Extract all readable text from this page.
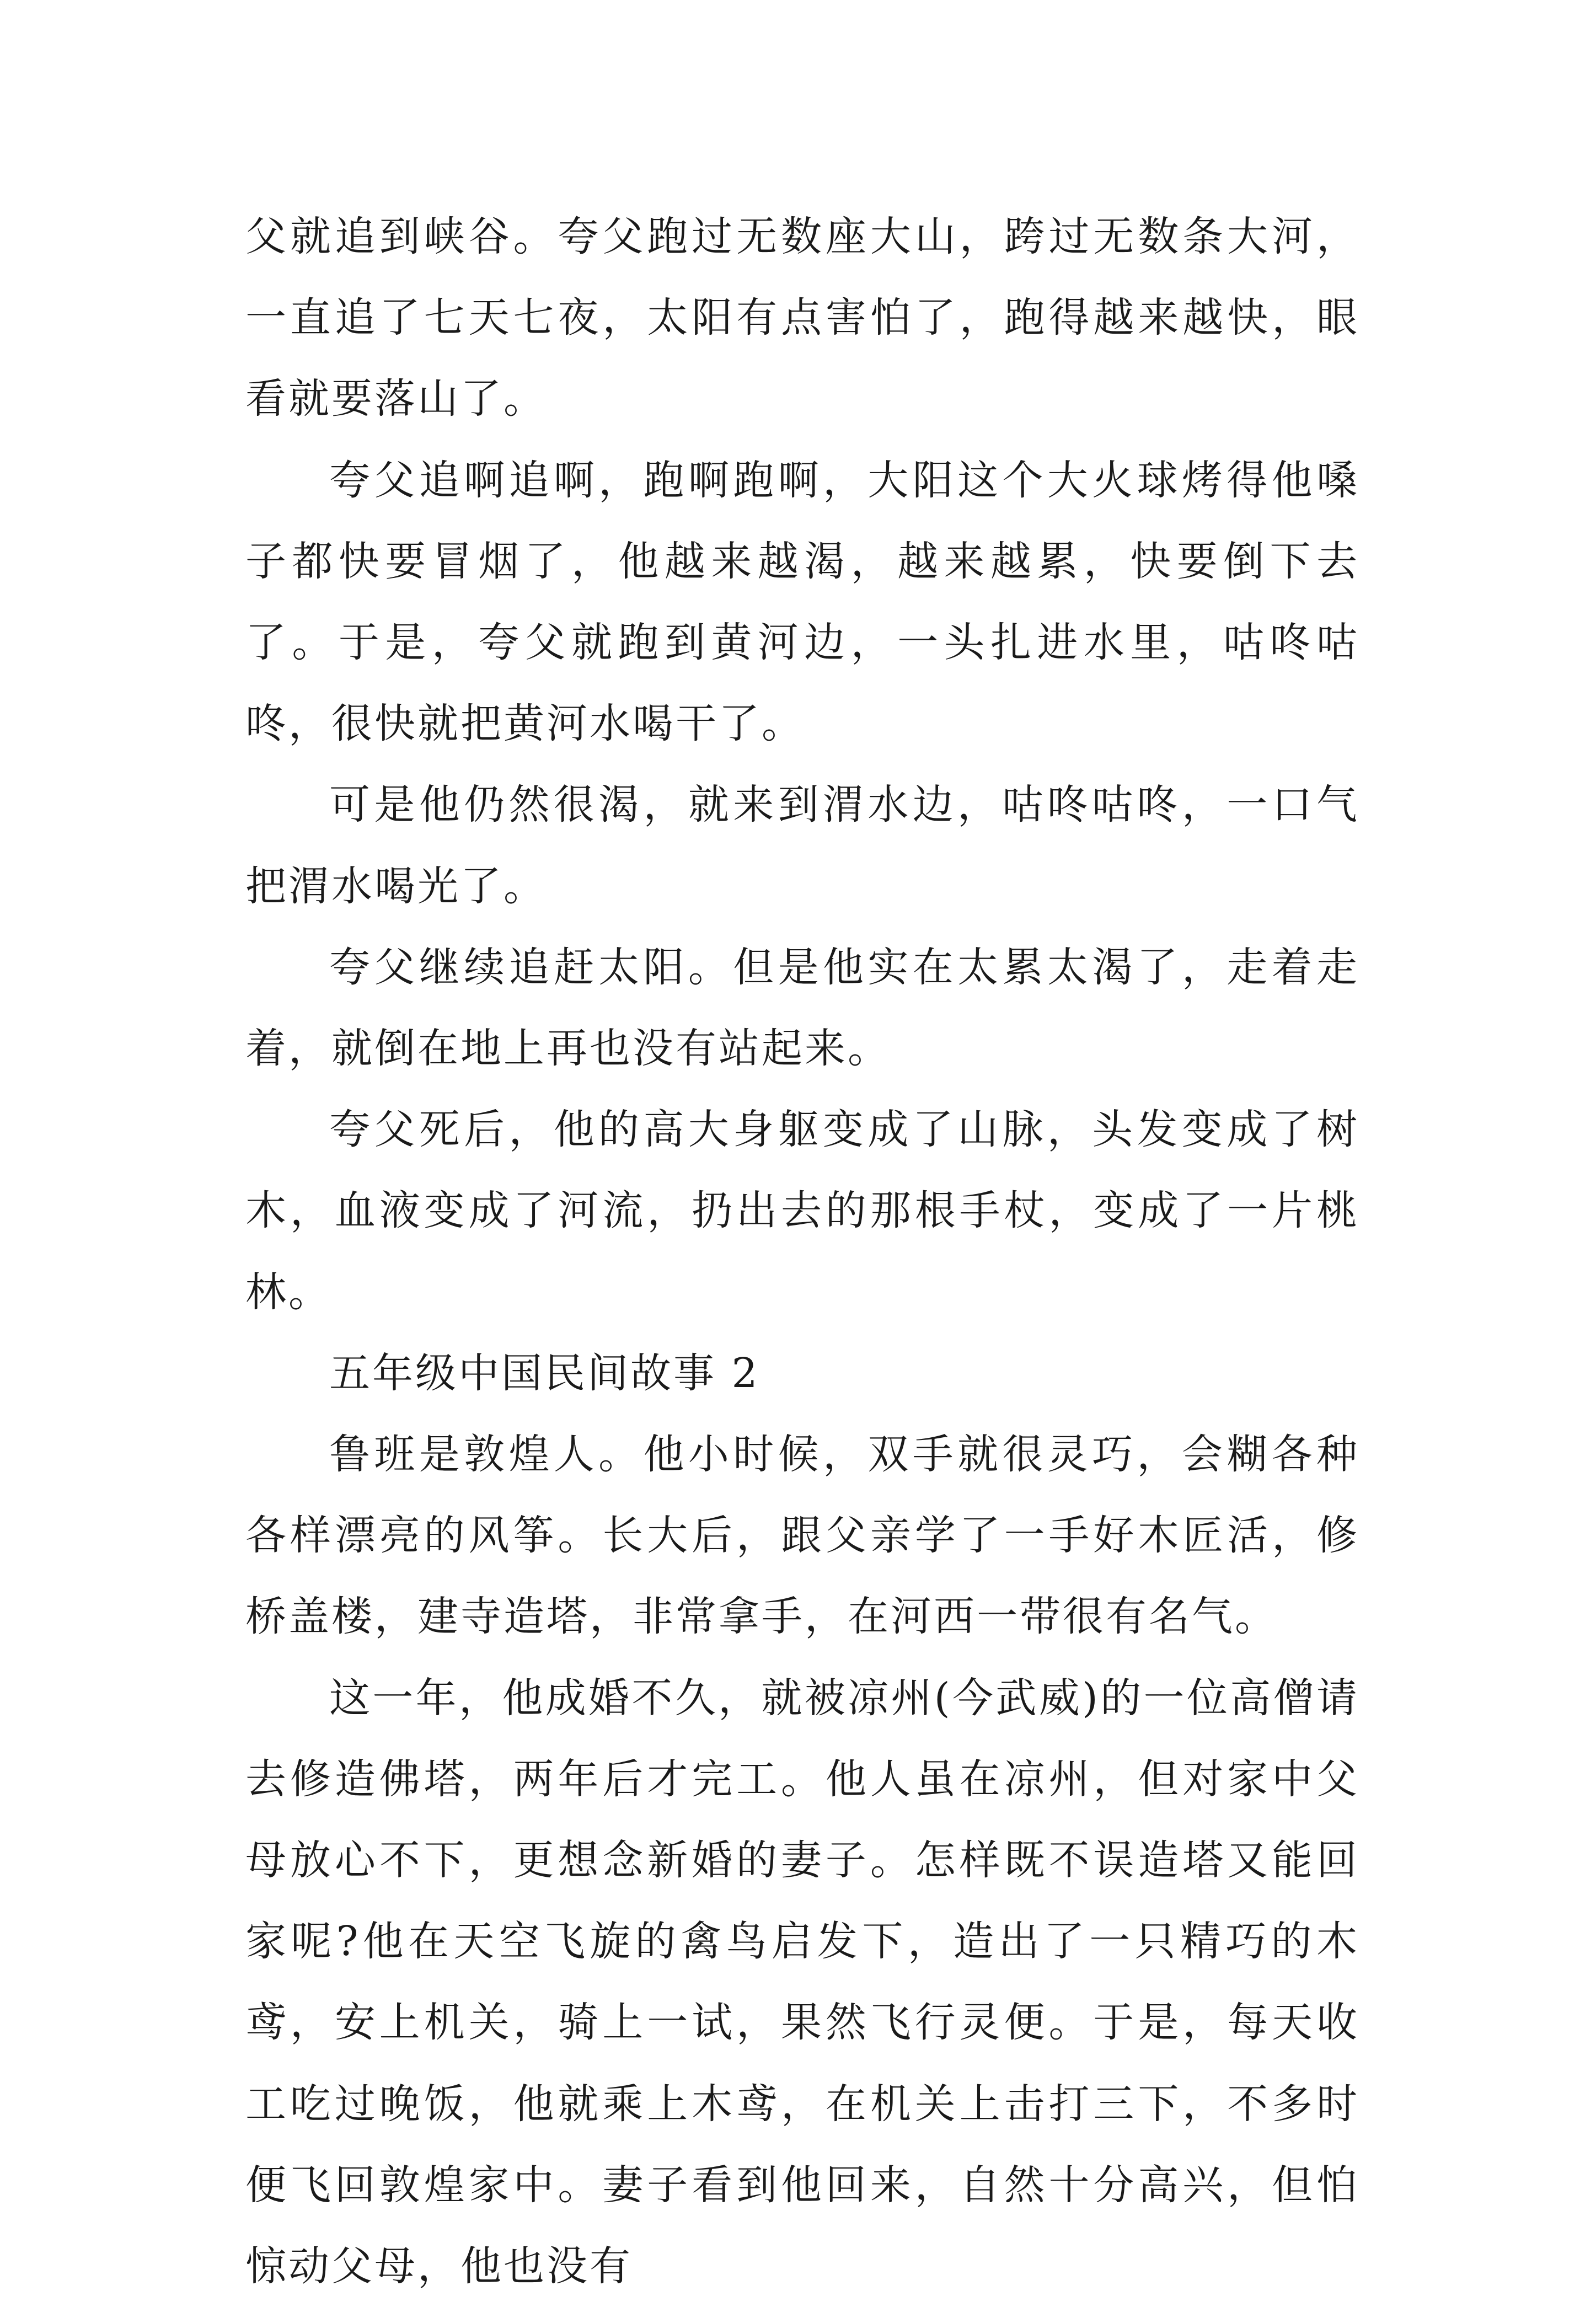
父就追到峡谷。夸父跑过无数座大山，跨过无数条大河，一直追了七天七夜，太阳有点害怕了，跑得越来越快，眼看就要落山了。

夸父追啊追啊，跑啊跑啊，大阳这个大火球烤得他嗓子都快要冒烟了，他越来越渴，越来越累，快要倒下去了。于是，夸父就跑到黄河边，一头扎进水里，咕咚咕咚，很快就把黄河水喝干了。

可是他仍然很渴，就来到渭水边，咕咚咕咚，一口气把渭水喝光了。

夸父继续追赶太阳。但是他实在太累太渴了，走着走着，就倒在地上再也没有站起来。

夸父死后，他的高大身躯变成了山脉，头发变成了树木，血液变成了河流，扔出去的那根手杖，变成了一片桃林。

五年级中国民间故事 2

鲁班是敦煌人。他小时候，双手就很灵巧，会糊各种各样漂亮的风筝。长大后，跟父亲学了一手好木匠活，修桥盖楼，建寺造塔，非常拿手，在河西一带很有名气。

这一年，他成婚不久，就被凉州(今武威)的一位高僧请去修造佛塔，两年后才完工。他人虽在凉州，但对家中父母放心不下，更想念新婚的妻子。怎样既不误造塔又能回家呢?他在天空飞旋的禽鸟启发下，造出了一只精巧的木鸢，安上机关，骑上一试，果然飞行灵便。于是，每天收工吃过晚饭，他就乘上木鸢，在机关上击打三下，不多时便飞回敦煌家中。妻子看到他回来，自然十分高兴，但怕惊动父母，他也没有
